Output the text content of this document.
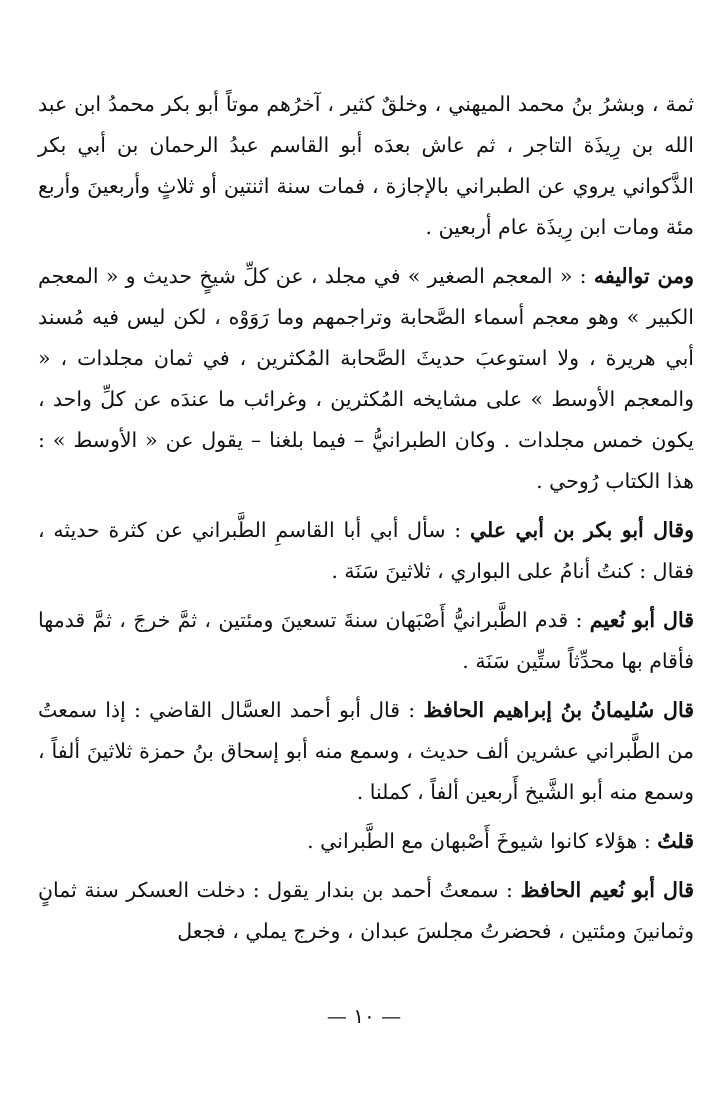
ثمة ، وبشرُ بنُ محمد الميهني ، وخلقٌ كثير ، آخرُهم موتاً أبو بكر محمدُ ابن عبد الله بن رِيذَة التاجر ، ثم عاش بعدَه أبو القاسم عبدُ الرحمان بن أبي بكر الذَّكواني يروي عن الطبراني بالإجازة ، فمات سنة اثنتين أو ثلاثٍ وأربعينَ وأربع مئة ومات ابن رِيذَة عام أربعين .

ومن تواليفه : « المعجم الصغير » في مجلد ، عن كلِّ شيخٍ حديث و « المعجم الكبير » وهو معجم أسماء الصَّحابة وتراجمهم وما رَوَوْه ، لكن ليس فيه مُسند أبي هريرة ، ولا استوعبَ حديثَ الصَّحابة المُكثرين ، في ثمان مجلدات ، « والمعجم الأوسط » على مشايخه المُكثرين ، وغرائب ما عندَه عن كلِّ واحد ، يكون خمس مجلدات . وكان الطبرانيُّ – فيما بلغنا – يقول عن « الأوسط » : هذا الكتاب رُوحي .

وقال أبو بكر بن أبي علي : سأل أبي أبا القاسمِ الطَّبراني عن كثرة حديثه ، فقال : كنتُ أنامُ على البواري ، ثلاثينَ سَنَة .

قال أبو نُعيم : قدم الطَّبرانيُّ أَصْبَهان سنةَ تسعينَ ومئتين ، ثمَّ خرجَ ، ثمَّ قدمها فأقام بها محدِّثاً ستِّين سَنَة .

قال سُليمانُ بنُ إبراهيم الحافظ : قال أبو أحمد العسَّال القاضي : إذا سمعتُ من الطَّبراني عشرين ألف حديث ، وسمع منه أبو إسحاق بنُ حمزة ثلاثينَ ألفاً ، وسمع منه أبو الشَّيخ أَربعين ألفاً ، كملنا .

قلتُ : هؤلاء كانوا شيوخَ أَصْبهان مع الطَّبراني .

قال أبو نُعيم الحافظ : سمعتُ أحمد بن بندار يقول : دخلت العسكر سنة ثمانٍ وثمانينَ ومئتين ، فحضرتُ مجلسَ عبدان ، وخرج يملي ، فجعل

— ١٠ —
